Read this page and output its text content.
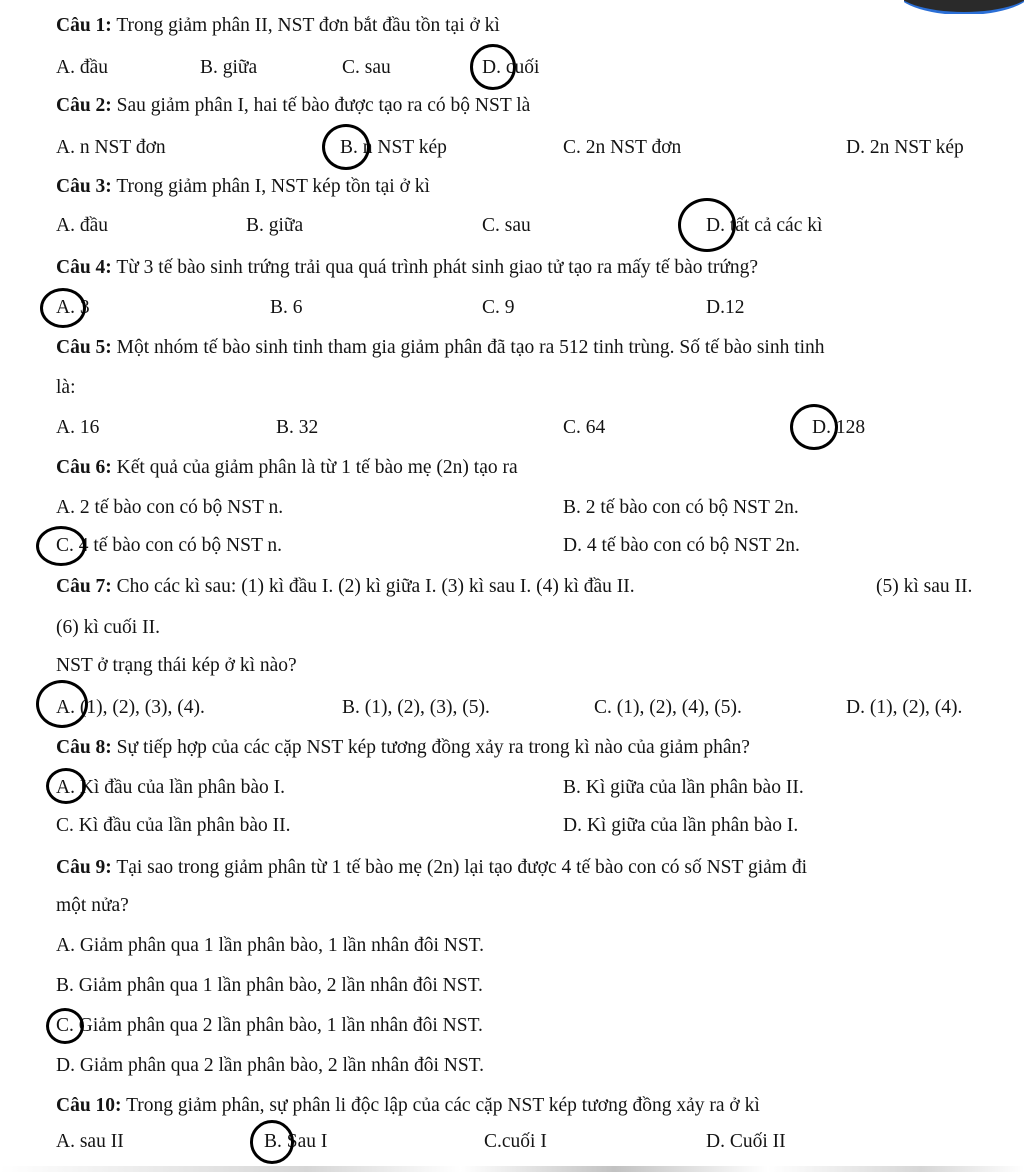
Câu 1: Trong giảm phân II, NST đơn bắt đầu tồn tại ở kì
A. đầu	B. giữa	C. sau	D. cuối
Câu 2: Sau giảm phân I, hai tế bào được tạo ra có bộ NST là
A. n NST đơn	B. n NST kép	C. 2n NST đơn	D. 2n NST kép
Câu 3: Trong giảm phân I, NST kép tồn tại ở kì
A. đầu	B. giữa	C. sau	D. tất cả các kì
Câu 4: Từ 3 tế bào sinh trứng trải qua quá trình phát sinh giao tử tạo ra mấy tế bào trứng?
A. 3	B. 6	C. 9	D.12
Câu 5: Một nhóm tế bào sinh tinh tham gia giảm phân đã tạo ra 512 tinh trùng. Số tế bào sinh tinh
là:
A. 16	B. 32	C. 64	D. 128
Câu 6: Kết quả của giảm phân là từ 1 tế bào mẹ (2n) tạo ra
A. 2 tế bào con có bộ NST n.	B. 2 tế bào con có bộ NST 2n.
C. 4 tế bào con có bộ NST n.	D. 4 tế bào con có bộ NST 2n.
Câu 7: Cho các kì sau: (1) kì đầu I. (2) kì giữa I. (3) kì sau I. (4) kì đầu II.	(5) kì sau II.
(6) kì cuối II.
NST ở trạng thái kép ở kì nào?
A. (1), (2), (3), (4).	B. (1), (2), (3), (5).	C. (1), (2), (4), (5).	D. (1), (2), (4).
Câu 8: Sự tiếp hợp của các cặp NST kép tương đồng xảy ra trong kì nào của giảm phân?
A. Kì đầu của lần phân bào I.	B. Kì giữa của lần phân bào II.
C. Kì đầu của lần phân bào II.	D. Kì giữa của lần phân bào I.
Câu 9: Tại sao trong giảm phân từ 1 tế bào mẹ (2n) lại tạo được 4 tế bào con có số NST giảm đi
một nửa?
A. Giảm phân qua 1 lần phân bào, 1 lần nhân đôi NST.
B. Giảm phân qua 1 lần phân bào, 2 lần nhân đôi NST.
C. Giảm phân qua 2 lần phân bào, 1 lần nhân đôi NST.
D. Giảm phân qua 2 lần phân bào, 2 lần nhân đôi NST.
Câu 10: Trong giảm phân, sự phân li độc lập của các cặp NST kép tương đồng xảy ra ở kì
A. sau II	B. Sau I	C.cuối I	D. Cuối II
